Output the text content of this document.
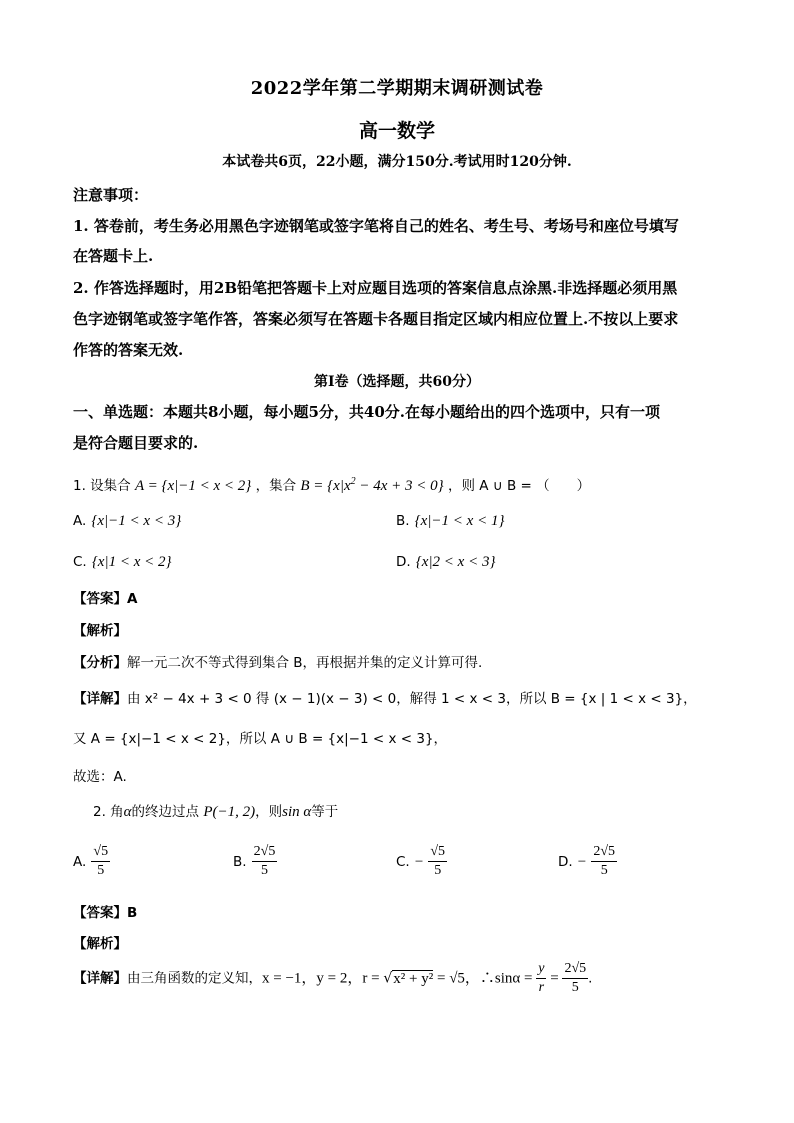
2022学年第二学期期末调研测试卷
高一数学
本试卷共6页，22小题，满分150分.考试用时120分钟.
注意事项：
1. 答卷前，考生务必用黑色字迹钢笔或签字笔将自己的姓名、考生号、考场号和座位号填写
在答题卡上.
2. 作答选择题时，用2B铅笔把答题卡上对应题目选项的答案信息点涂黑.非选择题必须用黑
色字迹钢笔或签字笔作答，答案必须写在答题卡各题目指定区域内相应位置上.不按以上要求
作答的答案无效.
第Ⅰ卷（选择题，共60分）
一、单选题：本题共8小题，每小题5分，共40分.在每小题给出的四个选项中，只有一项
是符合题目要求的.
1. 设集合 A = {x|−1 < x < 2} ，集合 $B = \{x|x^2 - 4x + 3 < 0\}$ ，则 A ∪ B = （　　）
A. {x|−1 < x < 3}	B. {x|−1 < x < 1}
C. {x|1 < x < 2}	D. {x|2 < x < 3}
【答案】A
【解析】
【分析】解一元二次不等式得到集合 B，再根据并集的定义计算可得.
【详解】由 x² − 4x + 3 < 0 得 (x − 1)(x − 3) < 0，解得 1 < x < 3，所以 B = {x | 1 < x < 3}，
又 A = {x|−1 < x < 2}，所以 A ∪ B = {x|−1 < x < 3}，
故选：A.
2. 角α的终边过点 P(−1, 2)，则sin α等于
A. $\frac{√5}{5}$	B. $\frac{2√5}{5}$	C. − $\frac{√5}{5}$	D. − $\frac{2√5}{5}$
【答案】B
【解析】
【详解】由三角函数的定义知，x = −1，y = 2，r = √x² + y² = √5，∴sinα = $\frac{y}{r} = \frac{2√5}{5}$ .
